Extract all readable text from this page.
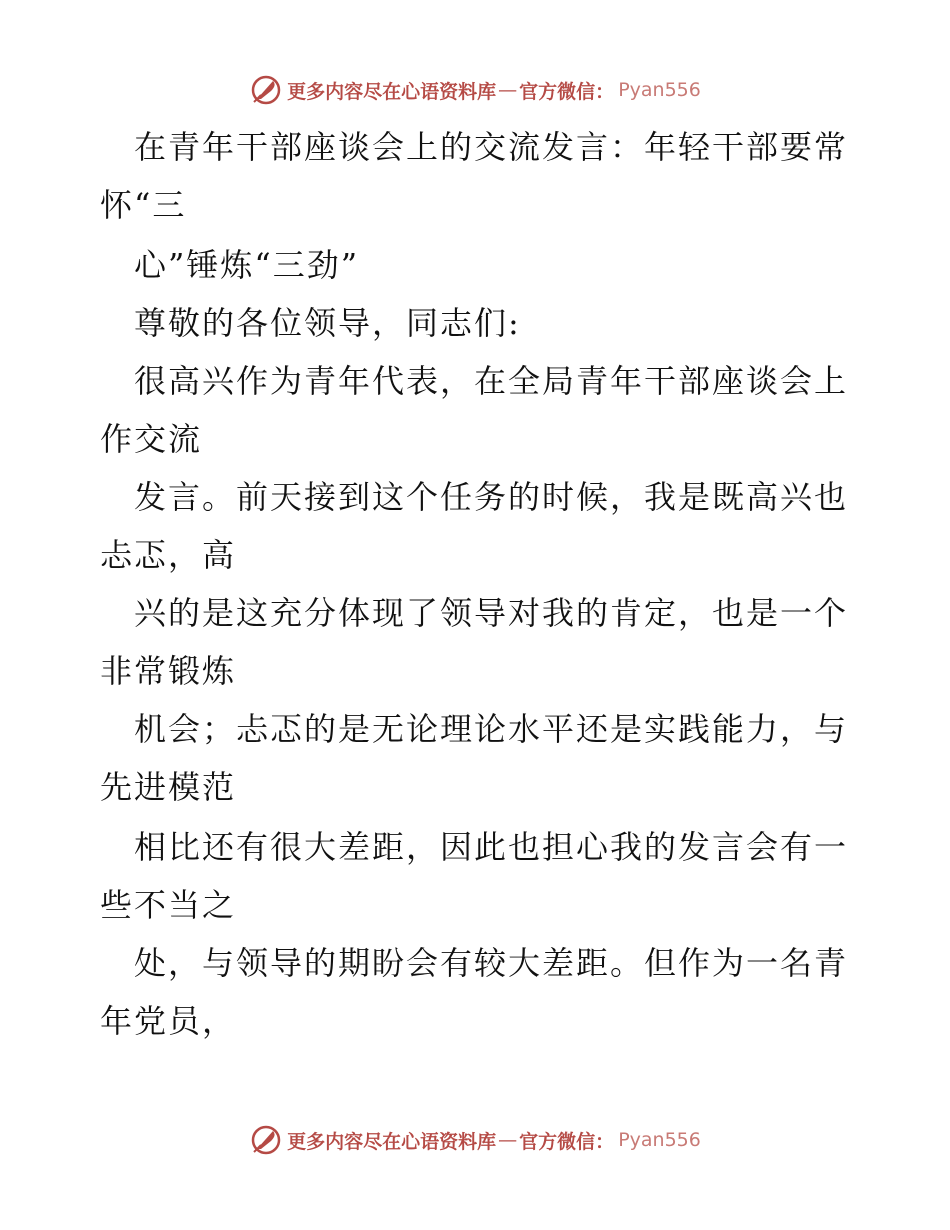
更多内容尽在心语资料库 — 官方微信： Pyan556
　在青年干部座谈会上的交流发言：年轻干部要常
怀“三
　心”锤炼“三劲”
　尊敬的各位领导，同志们:
　很高兴作为青年代表，在全局青年干部座谈会上
作交流
　发言。前天接到这个任务的时候，我是既高兴也
忐忑，高
　兴的是这充分体现了领导对我的肯定，也是一个
非常锻炼
　机会；忐忑的是无论理论水平还是实践能力，与
先进模范
　相比还有很大差距，因此也担心我的发言会有一
些不当之
　处，与领导的期盼会有较大差距。但作为一名青
年党员，
更多内容尽在心语资料库 — 官方微信： Pyan556
